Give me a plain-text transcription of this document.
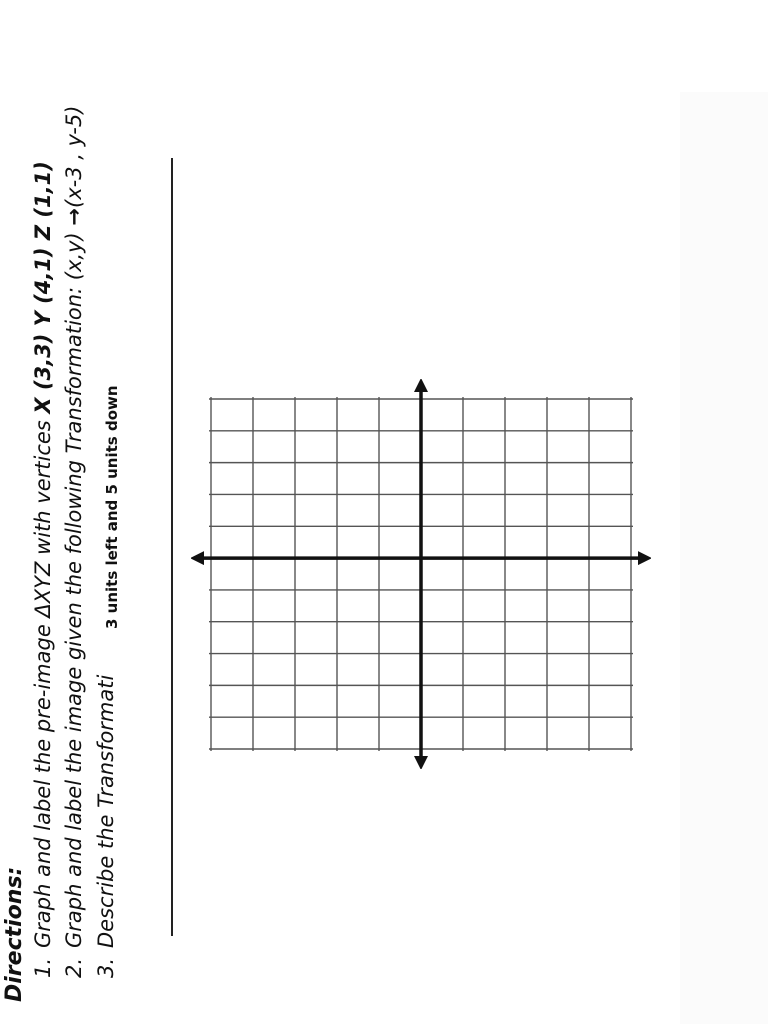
Directions: 1.Graph and label the pre-image ΔXYZ with vertices X (3,3) Y (4,1) Z (1,1)
2.Graph and label the image given the following Transformation: (x,y) →(x-3 , y-5)
3.Describe the Transformati
3 units left and 5 units down
